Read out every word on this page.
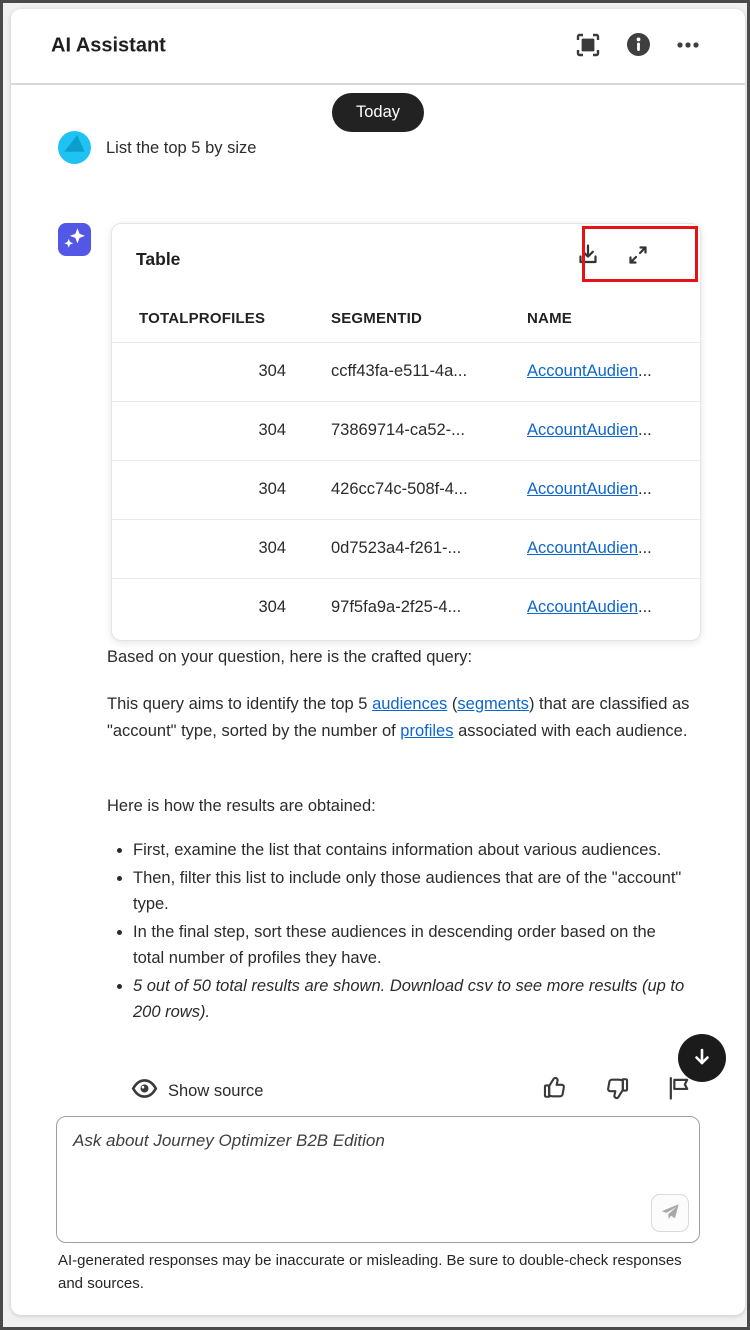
AI Assistant
Today
List the top 5 by size
Table
TOTALPROFILES	SEGMENTID	NAME
304	ccff43fa-e511-4a...	AccountAudien...
304	73869714-ca52-...	AccountAudien...
304	426cc74c-508f-4...	AccountAudien...
304	0d7523a4-f261-...	AccountAudien...
304	97f5fa9a-2f25-4...	AccountAudien...
Based on your question, here is the crafted query:
This query aims to identify the top 5 audiences (segments) that are classified as "account" type, sorted by the number of profiles associated with each audience.
Here is how the results are obtained:
• First, examine the list that contains information about various audiences.
• Then, filter this list to include only those audiences that are of the "account" type.
• In the final step, sort these audiences in descending order based on the total number of profiles they have.
• 5 out of 50 total results are shown. Download csv to see more results (up to 200 rows).
Show source
Ask about Journey Optimizer B2B Edition
AI-generated responses may be inaccurate or misleading. Be sure to double-check responses and sources.
